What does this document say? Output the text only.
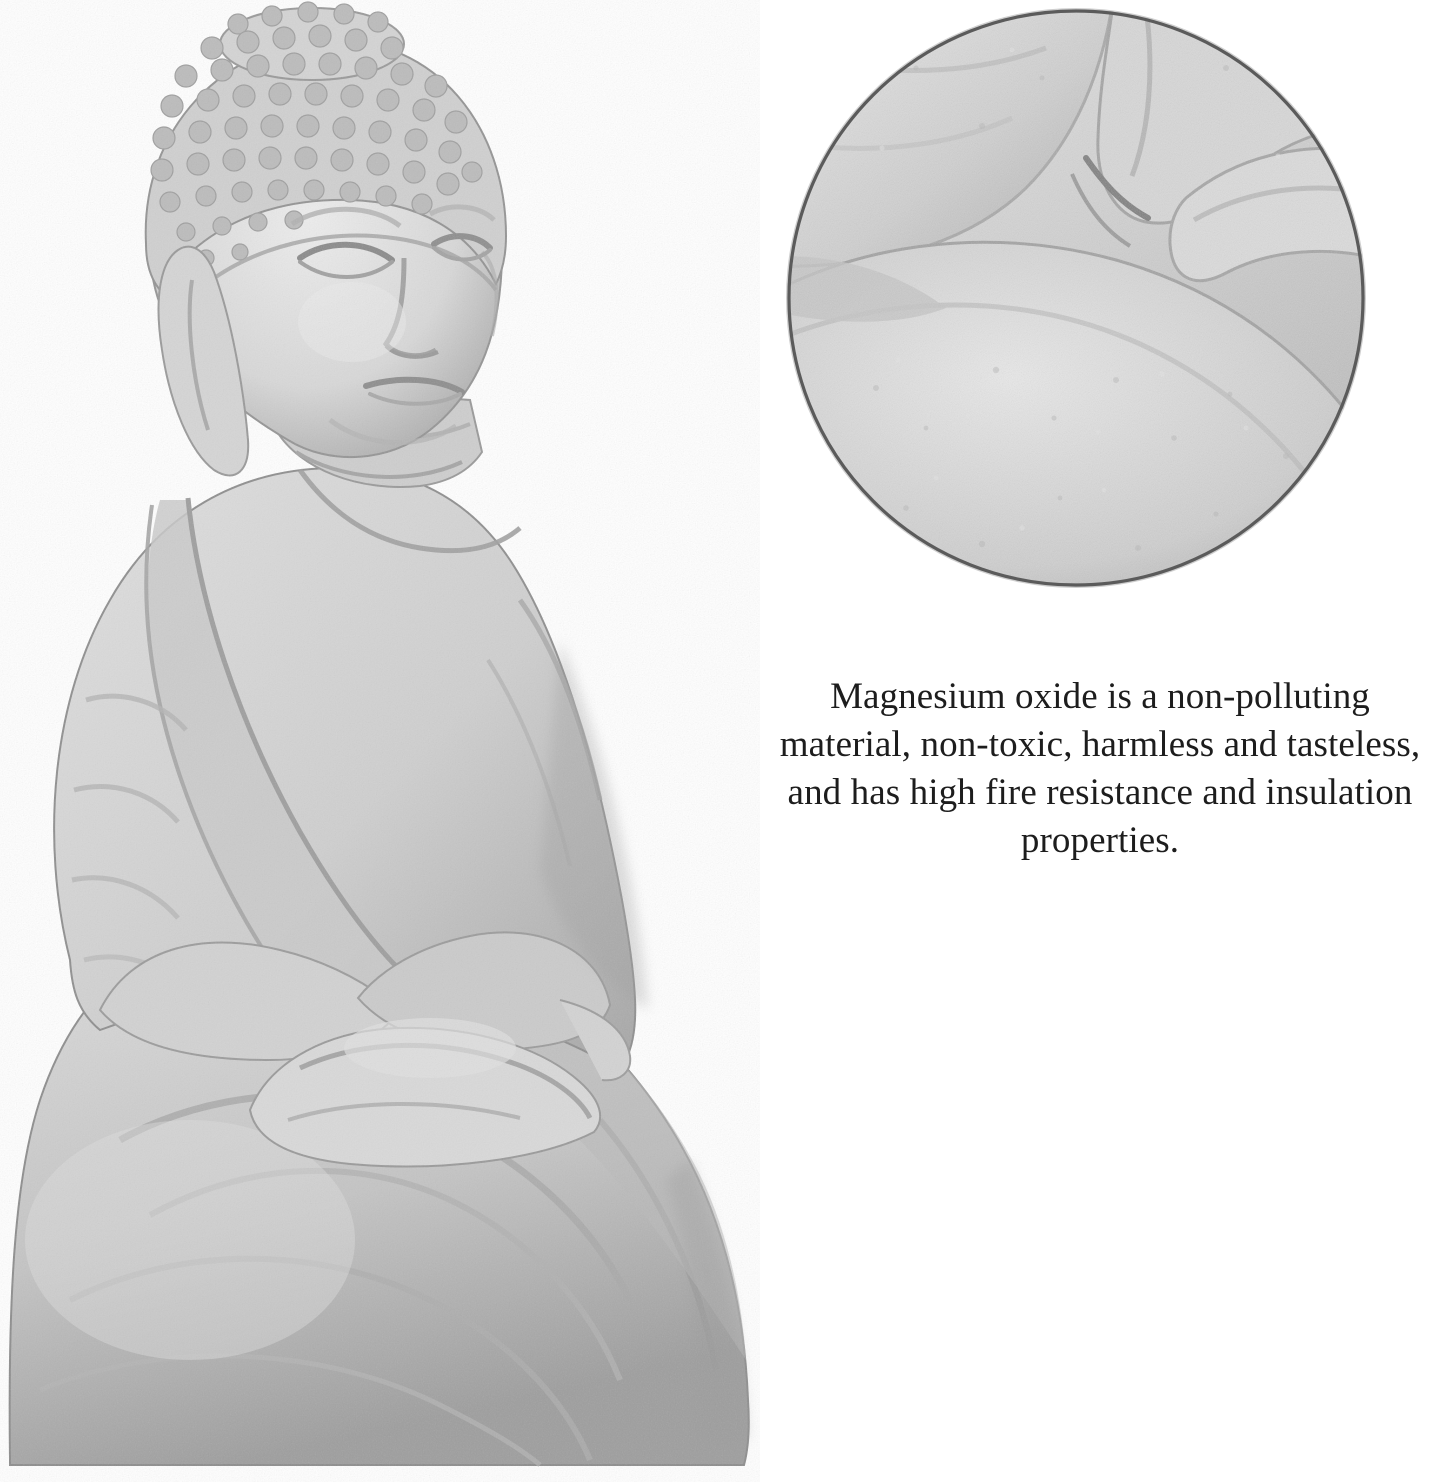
Magnesium oxide is a non-polluting material, non-toxic, harmless and tasteless, and has high fire resistance and insulation properties.
